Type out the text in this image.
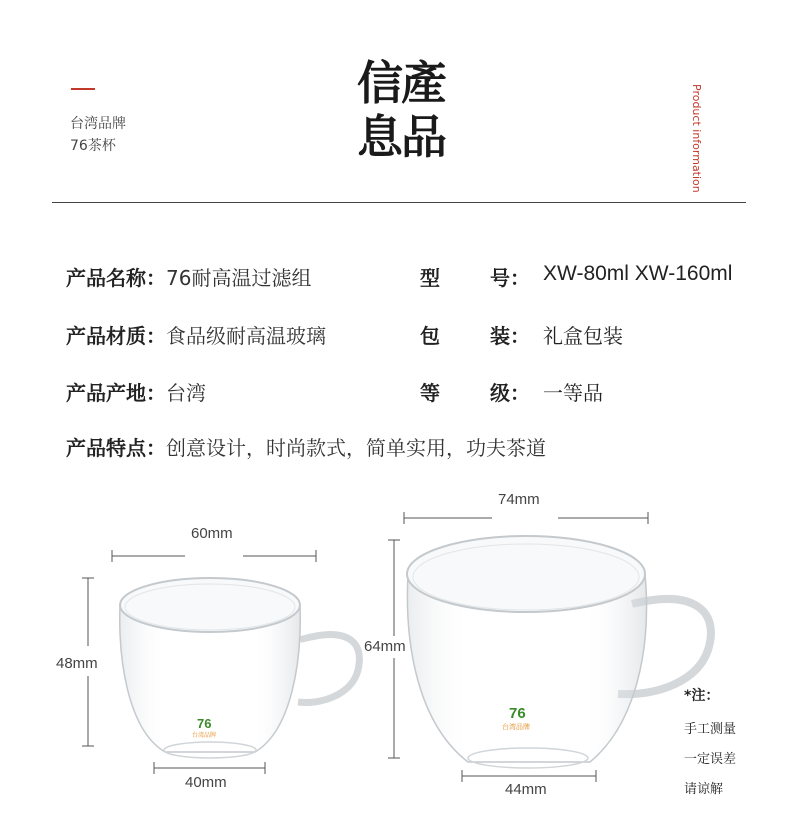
台湾品牌
76茶杯
信產
息品
Product information
产品名称：76耐高温过滤组	型	号： XW-80ml XW-160ml
产品材质：食品级耐高温玻璃	包	装： 礼盒包装
产品产地：台湾	等	级： 一等品
产品特点：创意设计，时尚款式，简单实用，功夫茶道
76
台湾品牌
76
台湾品牌
60mm
48mm
40mm
74mm
64mm
44mm
*注：
手工测量
一定误差
请谅解
